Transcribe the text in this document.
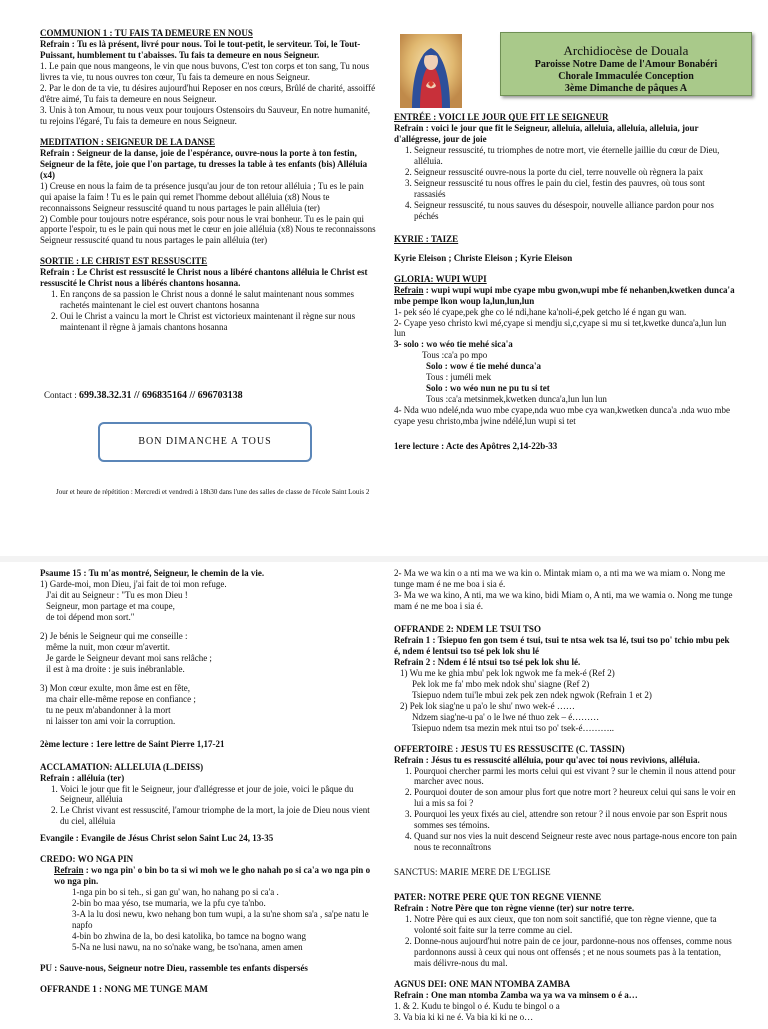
COMMUNION 1 : TU FAIS TA DEMEURE EN NOUS

Refrain : Tu es là présent, livré pour nous. Toi le tout-petit, le serviteur. Toi, le Tout-Puissant, humblement tu t'abaisses. Tu fais ta demeure en nous Seigneur.

1. Le pain que nous mangeons, le vin que nous buvons, C'est ton corps et ton sang, Tu nous livres ta vie, tu nous ouvres ton cœur, Tu fais ta demeure en nous Seigneur.

2. Par le don de ta vie, tu désires aujourd'hui Reposer en nos cœurs, Brûlé de charité, assoiffé d'être aimé, Tu fais ta demeure en nous Seigneur.

3. Unis à ton Amour, tu nous veux pour toujours Ostensoirs du Sauveur, En notre humanité, tu rejoins l'égaré, Tu fais ta demeure en nous Seigneur.

MEDITATION : SEIGNEUR DE LA DANSE

Refrain : Seigneur de la danse, joie de l'espérance, ouvre-nous la porte à ton festin, Seigneur de la fête, joie que l'on partage, tu dresses la table à tes enfants (bis) Alléluia (x4)

1) Creuse en nous la faim de ta présence jusqu'au jour de ton retour alléluia ; Tu es le pain qui apaise la faim ! Tu es le pain qui remet l'homme debout alléluia (x8) Nous te reconnaissons Seigneur ressuscité quand tu nous partages le pain alléluia (ter)

2) Comble pour toujours notre espérance, sois pour nous le vrai bonheur. Tu es le pain qui apporte l'espoir, tu es le pain qui nous met le cœur en joie alléluia (x8) Nous te reconnaissons Seigneur ressuscité quand tu nous partages le pain alléluia (ter)

SORTIE : LE CHRIST EST RESSUSCITE

Refrain : Le Christ est ressuscité le Christ nous a libéré chantons alléluia le Christ est ressuscité le Christ nous a libérés chantons hosanna.

1. En rançons de sa passion le Christ nous a donné le salut maintenant nous sommes rachetés maintenant le ciel est ouvert chantons hosanna
2. Oui le Christ a vaincu la mort le Christ est victorieux maintenant il règne sur nous maintenant il règne à jamais chantons hosanna
Contact : 699.38.32.31 // 696835164 // 696703138
BON DIMANCHE A TOUS
Jour et heure de répétition : Mercredi et vendredi à 18h30 dans l'une des salles de classe de l'école Saint Louis 2
Archidiocèse de Douala
Paroisse Notre Dame de l'Amour Bonabéri
Chorale Immaculée Conception
3ème Dimanche de pâques A

ENTRÉE : VOICI LE JOUR QUE FIT LE SEIGNEUR

Refrain : voici le jour que fit le Seigneur, alleluia, alleluia, alleluia, alleluia, jour d'allégresse, jour de joie

1. Seigneur ressuscité, tu triomphes de notre mort, vie éternelle jaillie du cœur de Dieu, alléluia.
2. Seigneur ressuscité ouvre-nous la porte du ciel, terre nouvelle où règnera la paix
3. Seigneur ressuscité tu nous offres le pain du ciel, festin des pauvres, où tous sont rassasiés
4. Seigneur ressuscité, tu nous sauves du désespoir, nouvelle alliance pardon pour nos péchés

KYRIE : TAIZE

Kyrie Eleison ; Christe Eleison ; Kyrie Eleison

GLORIA: WUPI WUPI

Refrain : wupi wupi wupi mbe cyape mbu gwon,wupi mbe fé nehanben,kwetken dunca'a mbe pempe lkon woup la,lun,lun,lun

1- pek séo lé cyape,pek ghe co lé ndi,hane ka'noli-é,pek getcho lé é ngan gu wan.

2- Cyape yeso christo kwi mé,cyape si mendju si,c,cyape si mu si tet,kwetke dunca'a,lun lun lun

3- solo : wo wéo tie mehé sica'a

Tous :ca'a po mpo

Solo : wow é tie mehé dunca'a

Tous : juméli mek

Solo : wo wéo nun ne pu tu si tet

Tous :ca'a metsinmek,kwetken dunca'a,lun lun lun

4- Nda wuo ndelé,nda wuo mbe cyape,nda wuo mbe cya wan,kwetken dunca'a .nda wuo mbe cyape yesu christo,mba jwine ndélé,lun wupi si tet

1ere lecture : Acte des Apôtres 2,14-22b-33

Psaume 15 : Tu m'as montré, Seigneur, le chemin de la vie.

1) Garde-moi, mon Dieu, j'ai fait de toi mon refuge.

J'ai dit au Seigneur : "Tu es mon Dieu !

Seigneur, mon partage et ma coupe,

de toi dépend mon sort."

2) Je bénis le Seigneur qui me conseille :

même la nuit, mon cœur m'avertit.

Je garde le Seigneur devant moi sans relâche ;

il est à ma droite : je suis inébranlable.

3) Mon cœur exulte, mon âme est en fête,

ma chair elle-même repose en confiance ;

tu ne peux m'abandonner à la mort

ni laisser ton ami voir la corruption.

2ème lecture : 1ere lettre de Saint Pierre 1,17-21

ACCLAMATION: ALLELUIA (L.DEISS)

Refrain : alléluia (ter)

1. Voici le jour que fit le Seigneur, jour d'allégresse et jour de joie, voici le pâque du Seigneur, alléluia
2. Le Christ vivant est ressuscité, l'amour triomphe de la mort, la joie de Dieu nous vient du ciel, alléluia

Evangile : Evangile de Jésus Christ selon Saint Luc 24, 13-35

CREDO: WO NGA PIN

Refrain : wo nga pin' o bin bo ta si wi moh we le gho nahah po si ca'a wo nga pin o wo nga pin.

1-nga pin bo si teh., si gan gu' wan, ho nahang po si ca'a .

2-bin bo maa yéso, tse mumaria, we la pfu cye ta'nbo.

3-A la lu dosi newu, kwo nehang bon tum wupi, a la su'ne shom sa'a , sa'pe natu le napfo

4-bin bo zhwina de la, bo desi katolika, bo tamce na bogno wang

5-Na ne lusi nawu, na no so'nake wang, be tso'nana, amen amen

PU : Sauve-nous, Seigneur notre Dieu, rassemble tes enfants dispersés

OFFRANDE 1 : NONG ME TUNGE MAM

2- Ma we wa kin o a nti ma we wa kin o. Mintak miam o, a nti ma we wa miam o. Nong me tunge mam é ne me boa i sia é.

3- Ma we wa kino, A nti, ma we wa kino, bidi Miam o, A nti, ma we wamia o. Nong me tunge mam é ne me boa i sia é.

OFFRANDE 2: NDEM LE TSUI TSO

Refrain 1 : Tsiepuo fen gon tsem é tsui, tsui te ntsa wek tsa lé, tsui tso po' tchio mbu pek é, ndem é lentsui tso tsé pek lok shu lé

Refrain 2 : Ndem é lé ntsui tso tsé pek lok shu lé.

1) Wu me ke ghia mbu' pek lok ngwok me fa mek-é (Ref 2)

Pek lok me fa' mbo mek ndok shu' siagne (Ref 2)

Tsiepuo ndem tui'le mbui zek pek zen ndek ngwok (Refrain 1 et 2)

2) Pek lok siag'ne u pa'o le shu' nwo wek-é ……

Ndzem siag'ne-u pa' o le lwe né thuo zek – é………

Tsiepuo ndem tsa mezin mek ntui tso po' tsek-é………..

OFFERTOIRE : JESUS TU ES RESSUSCITE (C. TASSIN)

Refrain : Jésus tu es ressuscité alléluia, pour qu'avec toi nous revivions, alléluia.

1. Pourquoi chercher parmi les morts celui qui est vivant ? sur le chemin il nous attend pour marcher avec nous.
2. Pourquoi douter de son amour plus fort que notre mort ? heureux celui qui sans le voir en lui a mis sa foi ?
3. Pourquoi les yeux fixés au ciel, attendre son retour ? il nous envoie par son Esprit nous sommes ses témoins.
4. Quand sur nos vies la nuit descend Seigneur reste avec nous partage-nous encore ton pain nous te reconnaîtrons

SANCTUS: MARIE MERE DE L'EGLISE

PATER: NOTRE PERE QUE TON REGNE VIENNE

Refrain : Notre Père que ton règne vienne (ter) sur notre terre.

1. Notre Père qui es aux cieux, que ton nom soit sanctifié, que ton règne vienne, que ta volonté soit faite sur la terre comme au ciel.
2. Donne-nous aujourd'hui notre pain de ce jour, pardonne-nous nos offenses, comme nous pardonnons aussi à ceux qui nous ont offensés ; et ne nous soumets pas à la tentation, mais délivre-nous du mal.

AGNUS DEI: ONE MAN NTOMBA ZAMBA

Refrain : One man ntomba Zamba wa ya wa va minsem o é a…

1. & 2. Kudu te bingol o é. Kudu te bingol o a

3. Va bia ki ki ne é. Va bia ki ki ne o…
